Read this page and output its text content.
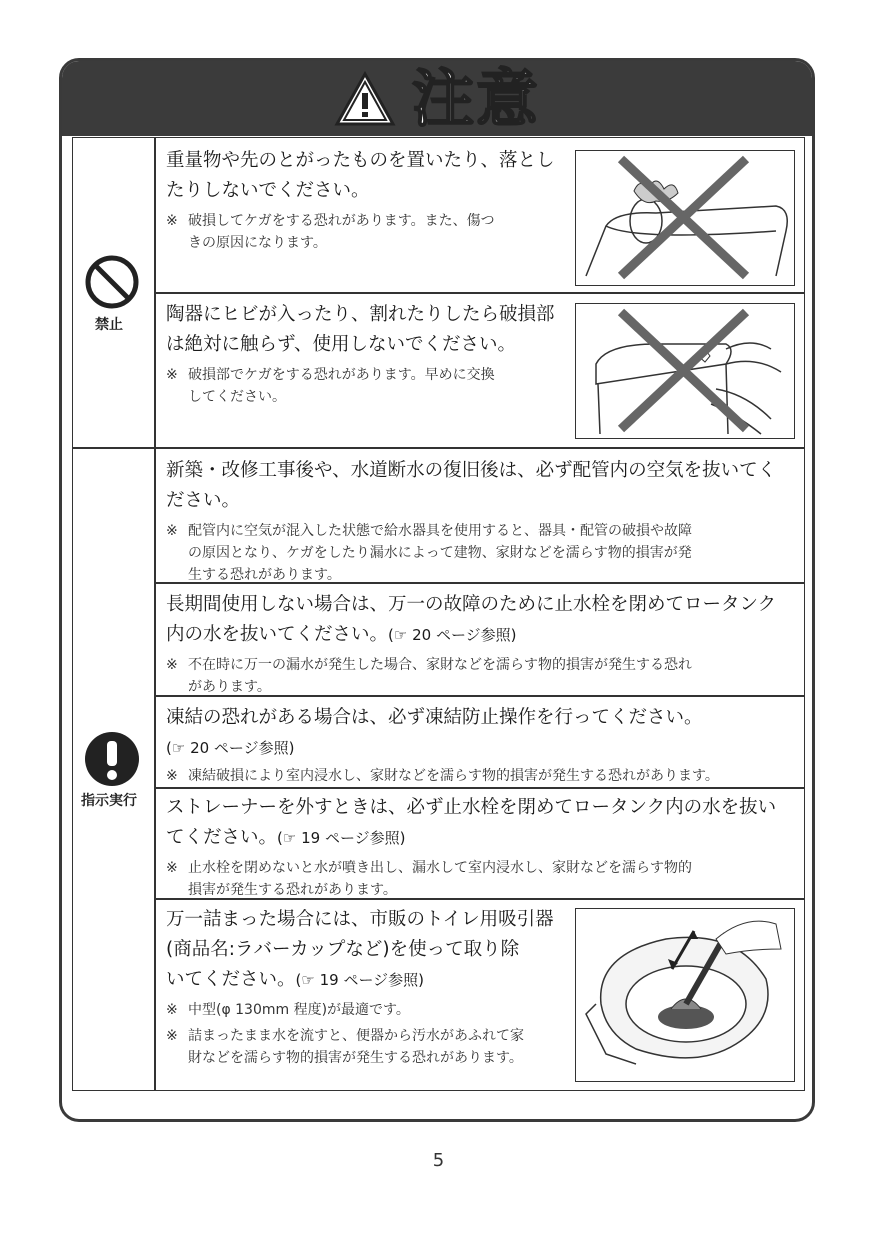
注意
禁止
指示実行
重量物や先のとがったものを置いたり、落とし
たりしないでください。
※ 破損してケガをする恐れがあります。また、傷つ
きの原因になります。
陶器にヒビが入ったり、割れたりしたら破損部
は絶対に触らず、使用しないでください。
※ 破損部でケガをする恐れがあります。早めに交換
してください。
新築・改修工事後や、水道断水の復旧後は、必ず配管内の空気を抜いてく
ださい。
※ 配管内に空気が混入した状態で給水器具を使用すると、器具・配管の破損や故障
の原因となり、ケガをしたり漏水によって建物、家財などを濡らす物的損害が発
生する恐れがあります。
長期間使用しない場合は、万一の故障のために止水栓を閉めてロータンク
内の水を抜いてください。(☞ 20 ページ参照)
※ 不在時に万一の漏水が発生した場合、家財などを濡らす物的損害が発生する恐れ
があります。
凍結の恐れがある場合は、必ず凍結防止操作を行ってください。
(☞ 20 ページ参照)
※ 凍結破損により室内浸水し、家財などを濡らす物的損害が発生する恐れがあります。
ストレーナーを外すときは、必ず止水栓を閉めてロータンク内の水を抜い
てください。(☞ 19 ページ参照)
※ 止水栓を閉めないと水が噴き出し、漏水して室内浸水し、家財などを濡らす物的
損害が発生する恐れがあります。
万一詰まった場合には、市販のトイレ用吸引器
(商品名:ラバーカップなど)を使って取り除
いてください。(☞ 19 ページ参照)
※ 中型(φ 130mm 程度)が最適です。
※ 詰まったまま水を流すと、便器から汚水があふれて家
財などを濡らす物的損害が発生する恐れがあります。
5
